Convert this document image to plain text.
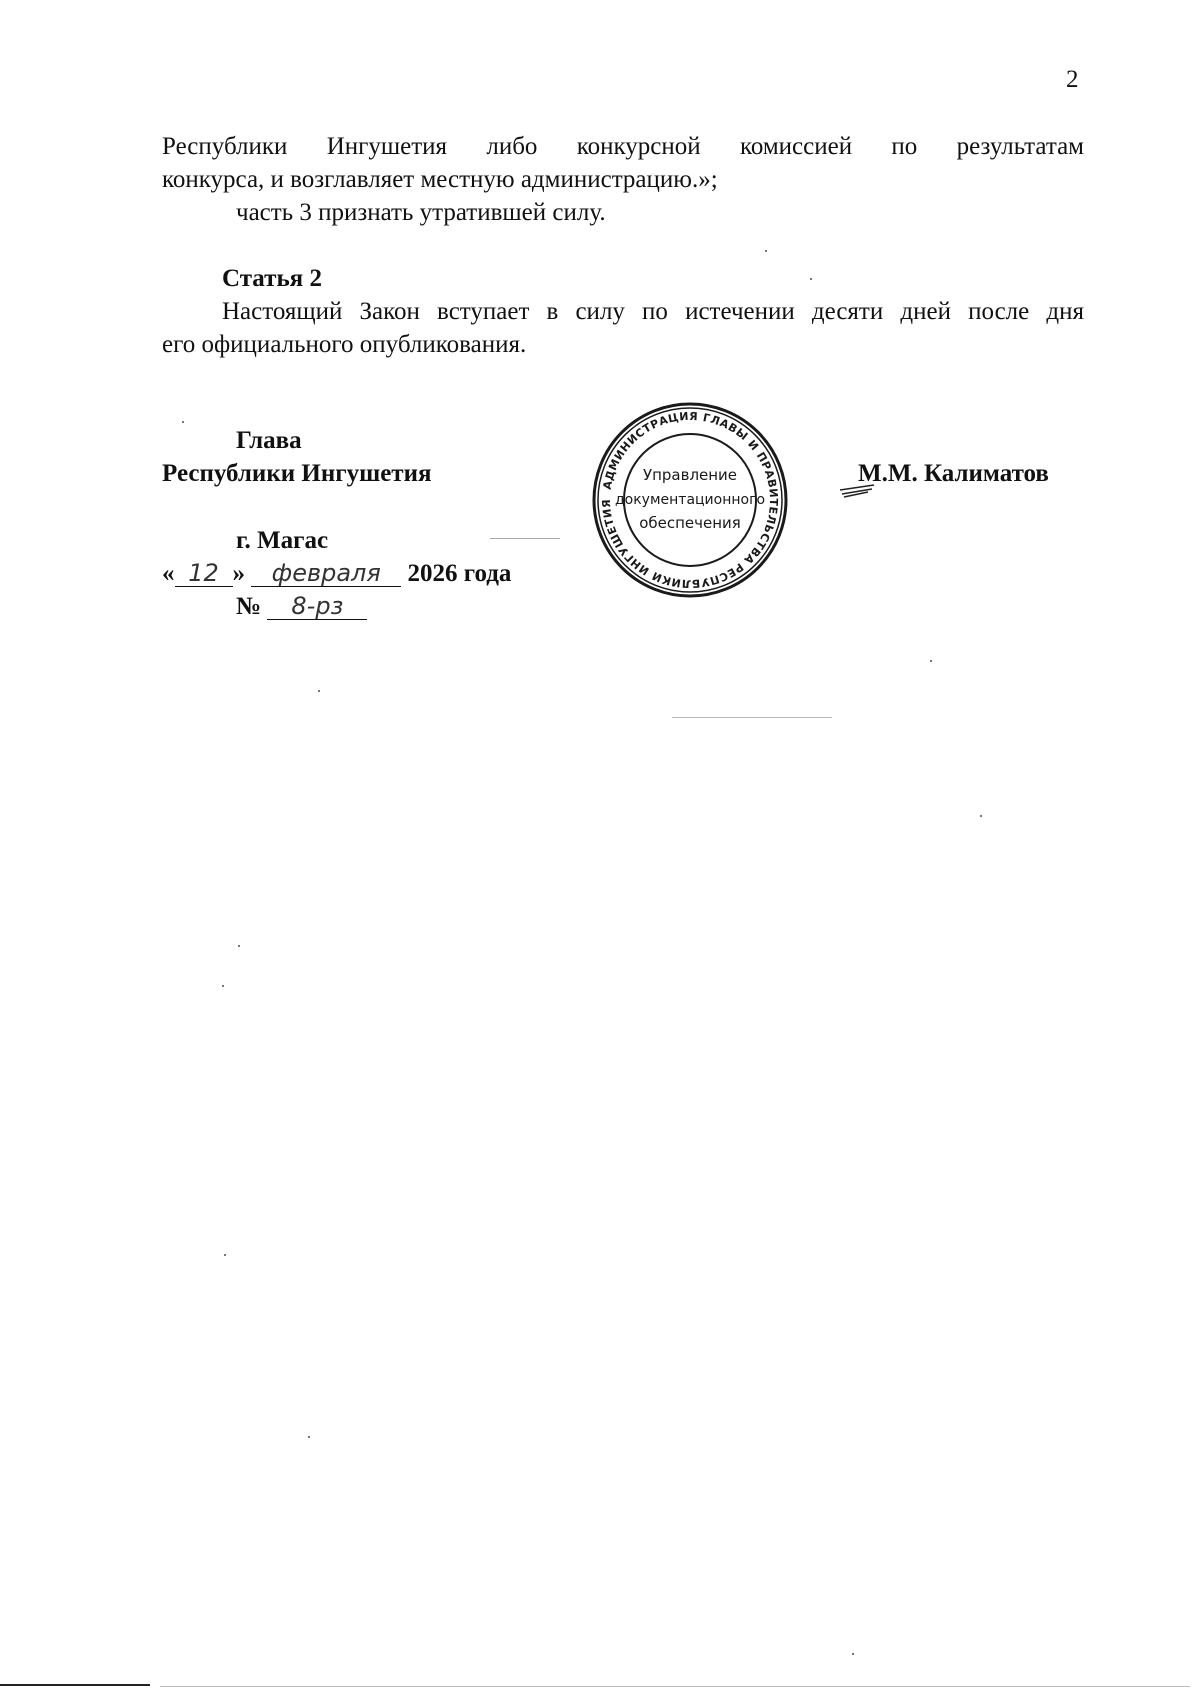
2
Республики Ингушетия либо конкурсной комиссией по результатам
конкурса, и возглавляет местную администрацию.»;
часть 3 признать утратившей силу.
Статья 2
Настоящий Закон вступает в силу по истечении десяти дней после дня
его официального опубликования.
Глава
Республики Ингушетия	М.М. Калиматов
г. Магас
« 12 » февраля 2026 года
№ 8-рз
АДМИНИСТРАЦИЯ ГЛАВЫ И ПРАВИТЕЛЬСТВА РЕСПУБЛИКИ ИНГУШЕТИЯ
Управление
документационного
обеспечения
